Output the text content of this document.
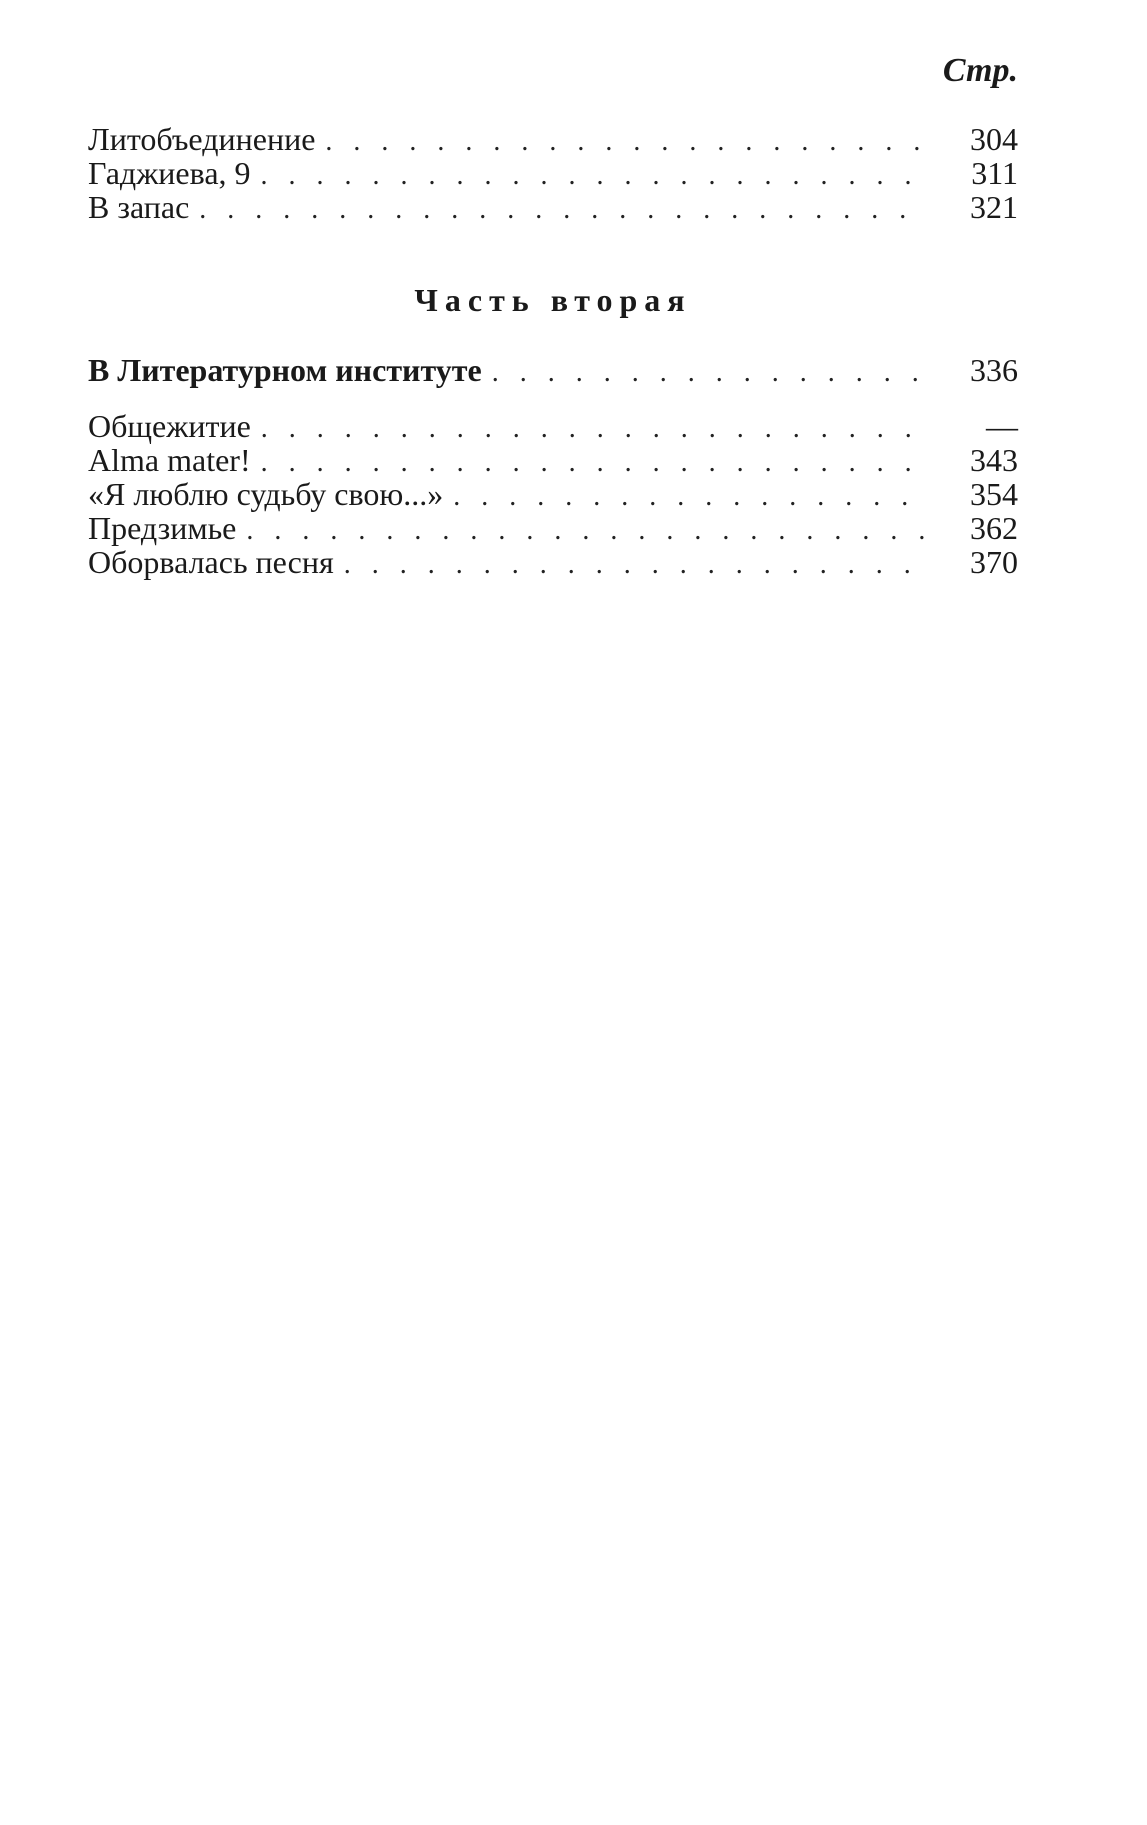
Стр.
Литобъединение . . .	304
Гаджиева, 9 . . .	311
В запас . . .	321
Часть вторая
В Литературном институте . . .	336
Общежитие . . .	—
Alma mater! . . .	343
«Я люблю судьбу свою...» . . .	354
Предзимье . . .	362
Оборвалась песня . . .	370
